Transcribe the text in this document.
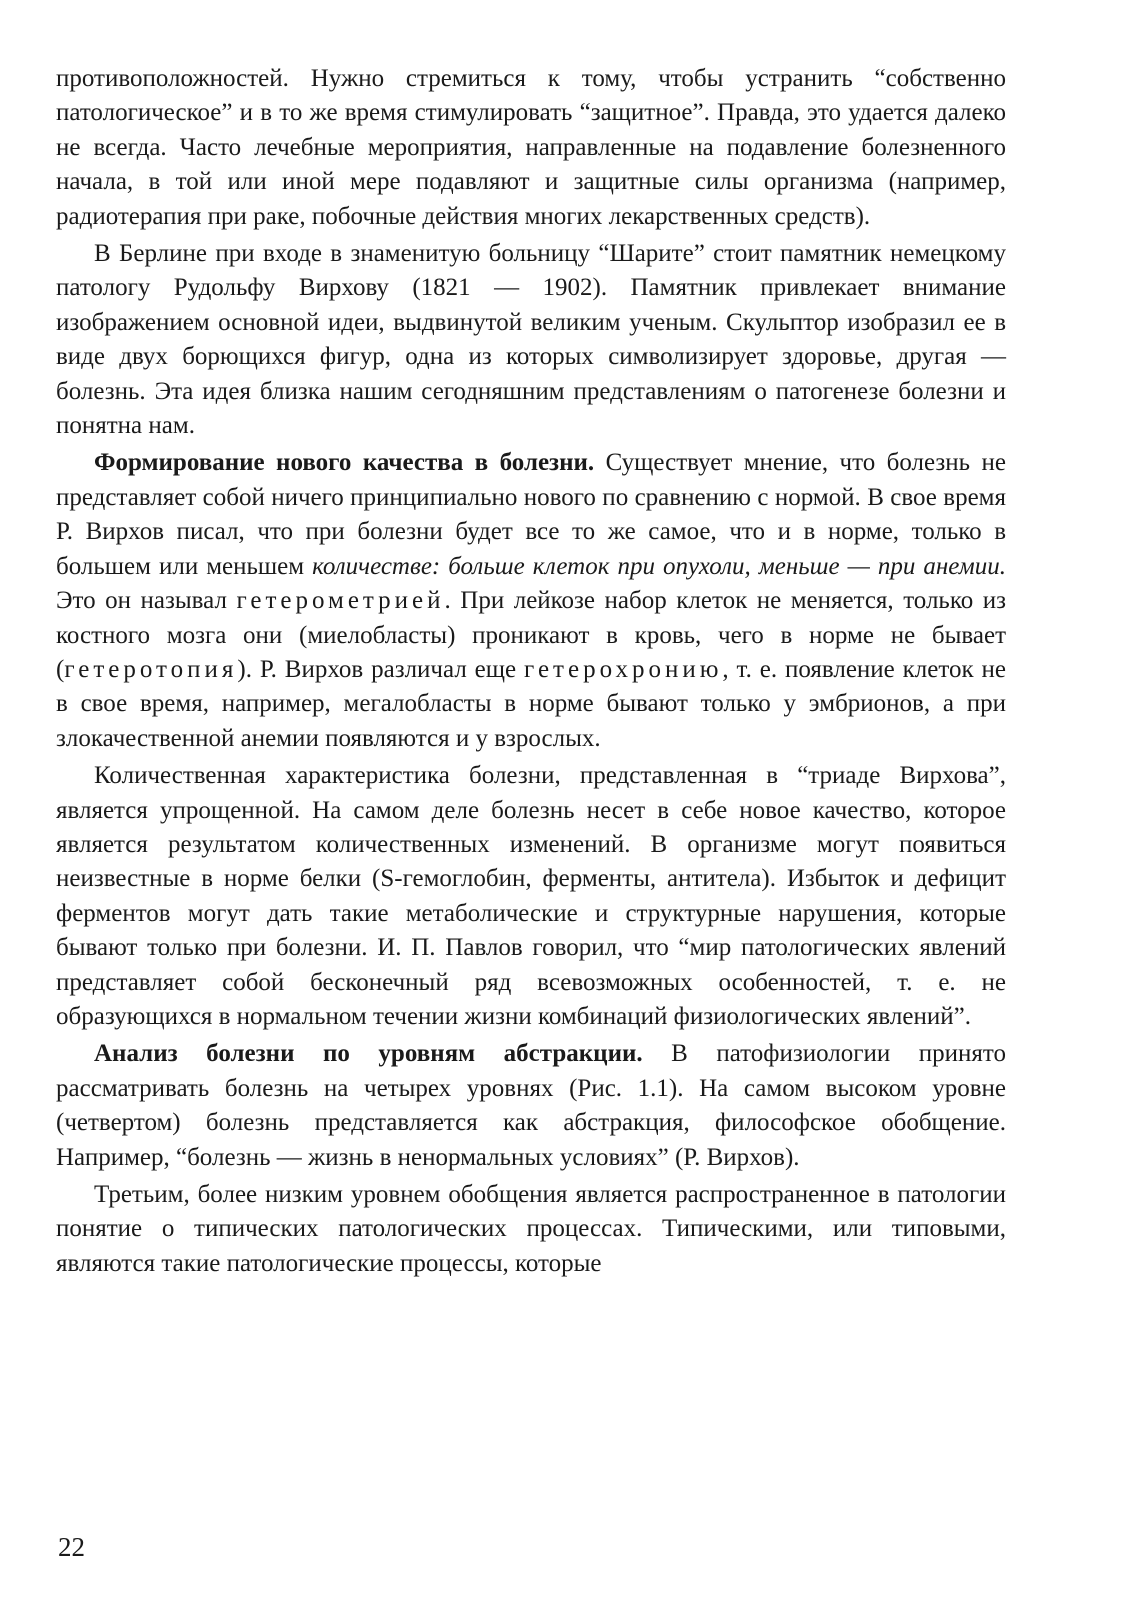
противоположностей. Нужно стремиться к тому, чтобы устранить “собственно патологическое” и в то же время стимулировать “защитное”. Правда, это удается далеко не всегда. Часто лечебные мероприятия, направленные на подавление болезненного начала, в той или иной мере подавляют и защитные силы организма (например, радиотерапия при раке, побочные действия многих лекарственных средств).

В Берлине при входе в знаменитую больницу “Шарите” стоит памятник немецкому патологу Рудольфу Вирхову (1821 — 1902). Памятник привлекает внимание изображением основной идеи, выдвинутой великим ученым. Скульптор изобразил ее в виде двух борющихся фигур, одна из которых символизирует здоровье, другая — болезнь. Эта идея близка нашим сегодняшним представлениям о патогенезе болезни и понятна нам.

Формирование нового качества в болезни. Существует мнение, что болезнь не представляет собой ничего принципиально нового по сравнению с нормой. В свое время Р. Вирхов писал, что при болезни будет все то же самое, что и в норме, только в большем или меньшем количестве: больше клеток при опухоли, меньше — при анемии. Это он называл гетерометрией. При лейкозе набор клеток не меняется, только из костного мозга они (миелобласты) проникают в кровь, чего в норме не бывает (гетеротопия). Р. Вирхов различал еще гетерохронию, т. е. появление клеток не в свое время, например, мегалобласты в норме бывают только у эмбрионов, а при злокачественной анемии появляются и у взрослых.

Количественная характеристика болезни, представленная в “триаде Вирхова”, является упрощенной. На самом деле болезнь несет в себе новое качество, которое является результатом количественных изменений. В организме могут появиться неизвестные в норме белки (S-гемоглобин, ферменты, антитела). Избыток и дефицит ферментов могут дать такие метаболические и структурные нарушения, которые бывают только при болезни. И. П. Павлов говорил, что “мир патологических явлений представляет собой бесконечный ряд всевозможных особенностей, т. е. не образующихся в нормальном течении жизни комбинаций физиологических явлений”.

Анализ болезни по уровням абстракции. В патофизиологии принято рассматривать болезнь на четырех уровнях (Рис. 1.1). На самом высоком уровне (четвертом) болезнь представляется как абстракция, философское обобщение. Например, “болезнь — жизнь в ненормальных условиях” (Р. Вирхов).

Третьим, более низким уровнем обобщения является распространенное в патологии понятие о типических патологических процессах. Типическими, или типовыми, являются такие патологические процессы, которые

22
